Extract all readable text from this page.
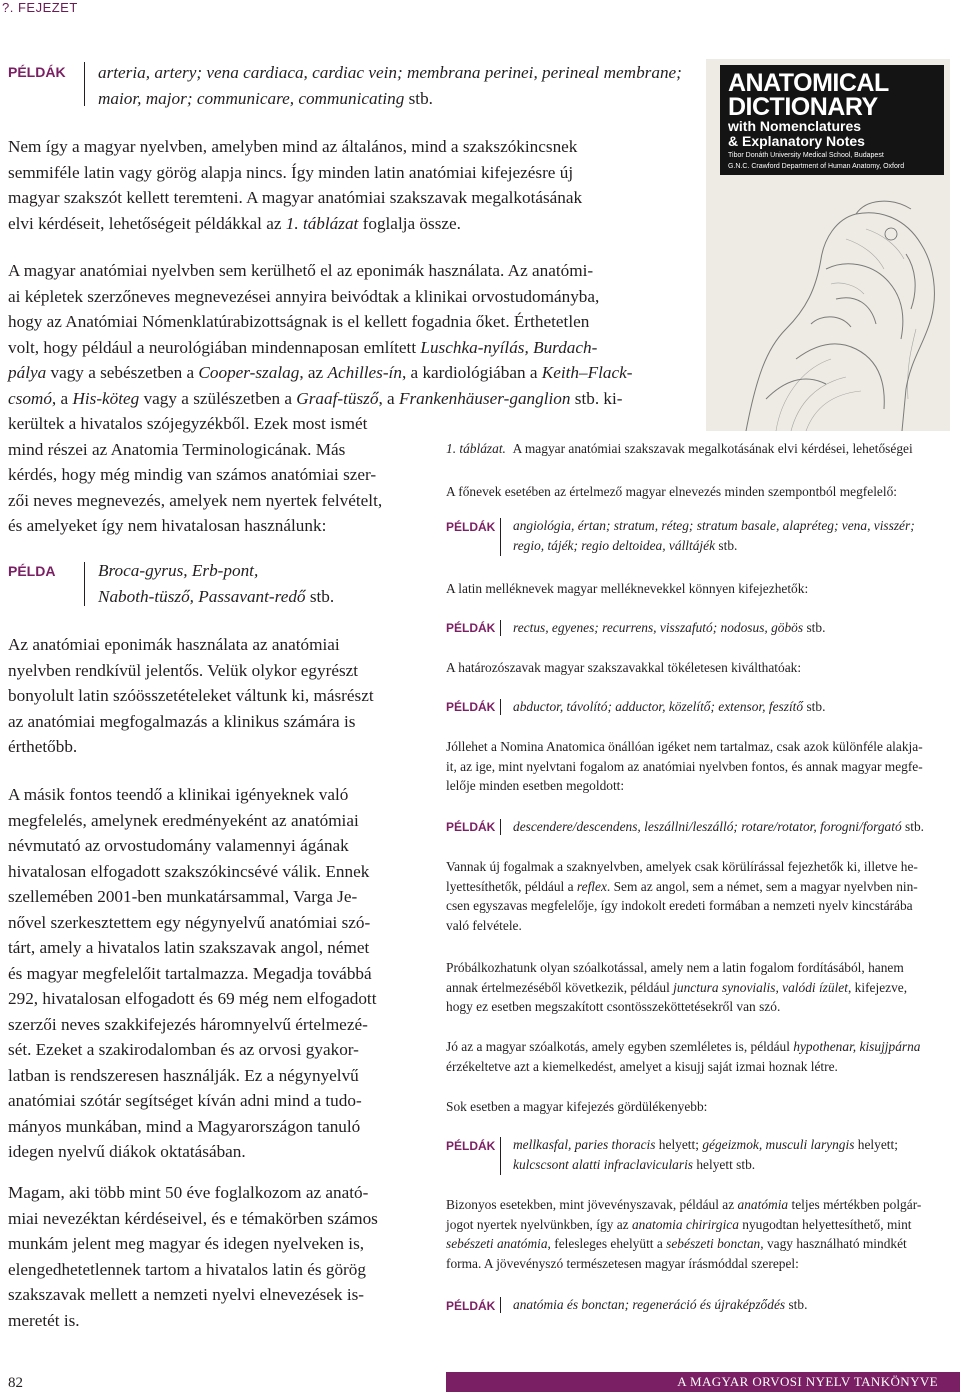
?. FEJEZET
PÉLDÁK arteria, artery; vena cardiaca, cardiac vein; membrana perinei, perineal membrane;
maior, major; communicare, communicating stb.
Nem így a magyar nyelvben, amelyben mind az általános, mind a szakszókincsnek
semmiféle latin vagy görög alapja nincs. Így minden latin anatómiai kifejezésre új
magyar szakszót kellett teremteni. A magyar anatómiai szakszavak megalkotásának
elvi kérdéseit, lehetőségeit példákkal az 1. táblázat foglalja össze.
ANATOMICAL
DICTIONARY
with Nomenclatures
& Explanatory Notes
Tibor Donáth University Medical School, Budapest
G.N.C. Crawford Department of Human Anatomy, Oxford
A magyar anatómiai nyelvben sem kerülhető el az eponimák használata. Az anatómi-
ai képletek szerzőneves megnevezései annyira beivódtak a klinikai orvostudományba,
hogy az Anatómiai Nómenklatúrabizottságnak is el kellett fogadnia őket. Érthetetlen
volt, hogy például a neurológiában mindennaposan említett Luschka-nyílás, Burdach-
pálya vagy a sebészetben a Cooper-szalag, az Achilles-ín, a kardiológiában a Keith–Flack-
csomó, a His-köteg vagy a szülészetben a Graaf-tüsző, a Frankenhäuser-ganglion stb. ki-
kerültek a hivatalos szójegyzékből. Ezek most ismét
mind részei az Anatomia Terminologicának. Más
kérdés, hogy még mindig van számos anatómiai szer-
zői neves megnevezés, amelyek nem nyertek felvételt,
és amelyeket így nem hivatalosan használunk:
PÉLDA Broca-gyrus, Erb-pont,
Naboth-tüsző, Passavant-redő stb.
Az anatómiai eponimák használata az anatómiai
nyelvben rendkívül jelentős. Velük olykor egyrészt
bonyolult latin szóösszetételeket váltunk ki, másrészt
az anatómiai megfogalmazás a klinikus számára is
érthetőbb.
A másik fontos teendő a klinikai igényeknek való
megfelelés, amelynek eredményeként az anatómiai
névmutató az orvostudomány valamennyi ágának
hivatalosan elfogadott szakszókincsévé válik. Ennek
szellemében 2001-ben munkatársammal, Varga Je-
nővel szerkesztettem egy négynyelvű anatómiai szó-
tárt, amely a hivatalos latin szakszavak angol, német
és magyar megfelelőit tartalmazza. Megadja továbbá
292, hivatalosan elfogadott és 69 még nem elfogadott
szerzői neves szakkifejezés háromnyelvű értelmezé-
sét. Ezeket a szakirodalomban és az orvosi gyakor-
latban is rendszeresen használják. Ez a négynyelvű
anatómiai szótár segítséget kíván adni mind a tudo-
mányos munkában, mind a Magyarországon tanuló
idegen nyelvű diákok oktatásában.
Magam, aki több mint 50 éve foglalkozom az anató-
miai nevezéktan kérdéseivel, és e témakörben számos
munkám jelent meg magyar és idegen nyelveken is,
elengedhetetlennek tartom a hivatalos latin és görög
szakszavak mellett a nemzeti nyelvi elnevezések is-
meretét is.
1. táblázat. A magyar anatómiai szakszavak megalkotásának elvi kérdései, lehetőségei
A főnevek esetében az értelmező magyar elnevezés minden szempontból megfelelő:
PÉLDÁK angiológia, értan; stratum, réteg; stratum basale, alapréteg; vena, visszér;
regio, tájék; regio deltoidea, válltájék stb.
A latin melléknevek magyar melléknevekkel könnyen kifejezhetők:
PÉLDÁK rectus, egyenes; recurrens, visszafutó; nodosus, göbös stb.
A határozószavak magyar szakszavakkal tökéletesen kiválthatóak:
PÉLDÁK abductor, távolító; adductor, közelítő; extensor, feszítő stb.
Jóllehet a Nomina Anatomica önállóan igéket nem tartalmaz, csak azok különféle alakja-
it, az ige, mint nyelvtani fogalom az anatómiai nyelvben fontos, és annak magyar megfe-
lelője minden esetben megoldott:
PÉLDÁK descendere/descendens, leszállni/leszálló; rotare/rotator, forogni/forgató stb.
Vannak új fogalmak a szaknyelvben, amelyek csak körülírással fejezhetők ki, illetve he-
lyettesíthetők, például a reflex. Sem az angol, sem a német, sem a magyar nyelvben nin-
csen egyszavas megfelelője, így indokolt eredeti formában a nemzeti nyelv kincstárába
való felvétele.
Próbálkozhatunk olyan szóalkotással, amely nem a latin fogalom fordításából, hanem
annak értelmezéséből következik, például juncturа synovialis, valódi ízület, kifejezve,
hogy ez esetben megszakított csontösszeköttetésekről van szó.
Jó az a magyar szóalkotás, amely egyben szemléletes is, például hypothenar, kisujjpárna
érzékeltetve azt a kiemelkedést, amelyet a kisujj saját izmai hoznak létre.
Sok esetben a magyar kifejezés gördülékenyebb:
PÉLDÁK mellkasfal, paries thoracis helyett; gégeizmok, musculi laryngis helyett;
kulcscsont alatti infraclavicularis helyett stb.
Bizonyos esetekben, mint jövevényszavak, például az anatómia teljes mértékben polgár-
jogot nyertek nyelvünkben, így az anatomia chirirgica nyugodtan helyettesíthető, mint
sebészeti anatómia, felesleges ehelyütt a sebészeti bonctan, vagy használható mindkét
forma. A jövevényszó természetesen magyar írásmóddal szerepel:
PÉLDÁK anatómia és bonctan; regeneráció és újraképződés stb.
82	A MAGYAR ORVOSI NYELV TANKÖNYVE
